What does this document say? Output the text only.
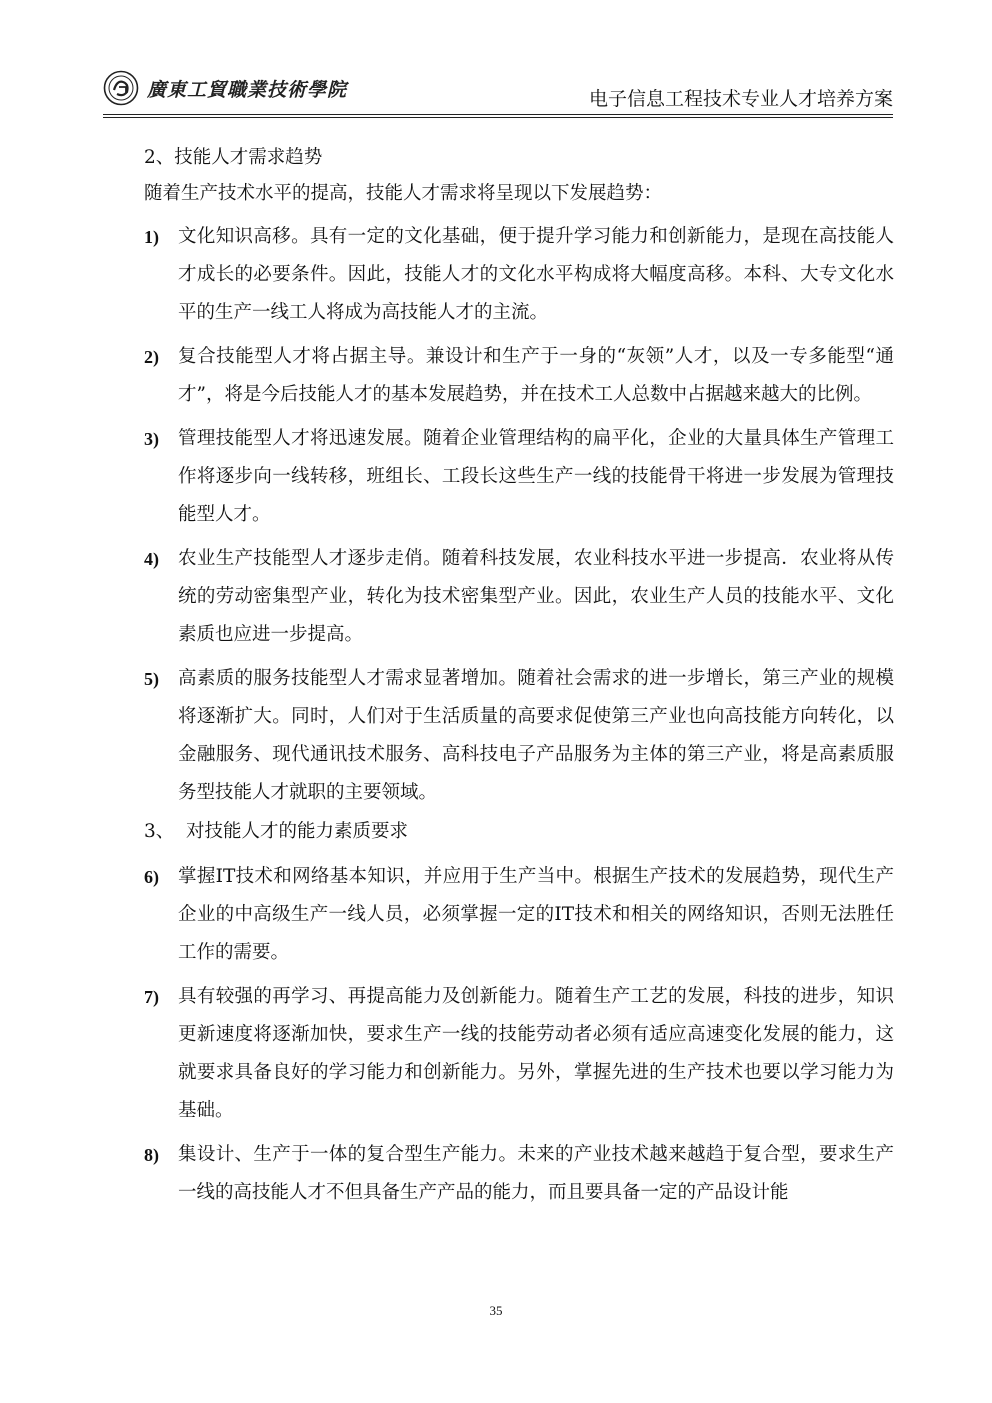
廣東工貿職業技術學院	电子信息工程技术专业人才培养方案
2、技能人才需求趋势
随着生产技术水平的提高，技能人才需求将呈现以下发展趋势：
1)	文化知识高移。具有一定的文化基础，便于提升学习能力和创新能力，是现在高技能人才成长的必要条件。因此，技能人才的文化水平构成将大幅度高移。本科、大专文化水平的生产一线工人将成为高技能人才的主流。
2)	复合技能型人才将占据主导。兼设计和生产于一身的“灰领”人才，以及一专多能型“通才”，将是今后技能人才的基本发展趋势，并在技术工人总数中占据越来越大的比例。
3)	管理技能型人才将迅速发展。随着企业管理结构的扁平化，企业的大量具体生产管理工作将逐步向一线转移，班组长、工段长这些生产一线的技能骨干将进一步发展为管理技能型人才。
4)	农业生产技能型人才逐步走俏。随着科技发展，农业科技水平进一步提高．农业将从传统的劳动密集型产业，转化为技术密集型产业。因此，农业生产人员的技能水平、文化素质也应进一步提高。
5)	高素质的服务技能型人才需求显著增加。随着社会需求的进一步增长，第三产业的规模将逐渐扩大。同时，人们对于生活质量的高要求促使第三产业也向高技能方向转化，以金融服务、现代通讯技术服务、高科技电子产品服务为主体的第三产业，将是高素质服务型技能人才就职的主要领域。
3、  对技能人才的能力素质要求
6)	掌握IT技术和网络基本知识，并应用于生产当中。根据生产技术的发展趋势，现代生产企业的中高级生产一线人员，必须掌握一定的IT技术和相关的网络知识，否则无法胜任工作的需要。
7)	具有较强的再学习、再提高能力及创新能力。随着生产工艺的发展，科技的进步，知识更新速度将逐渐加快，要求生产一线的技能劳动者必须有适应高速变化发展的能力，这就要求具备良好的学习能力和创新能力。另外，掌握先进的生产技术也要以学习能力为基础。
8)	集设计、生产于一体的复合型生产能力。未来的产业技术越来越趋于复合型，要求生产一线的高技能人才不但具备生产产品的能力，而且要具备一定的产品设计能
35
